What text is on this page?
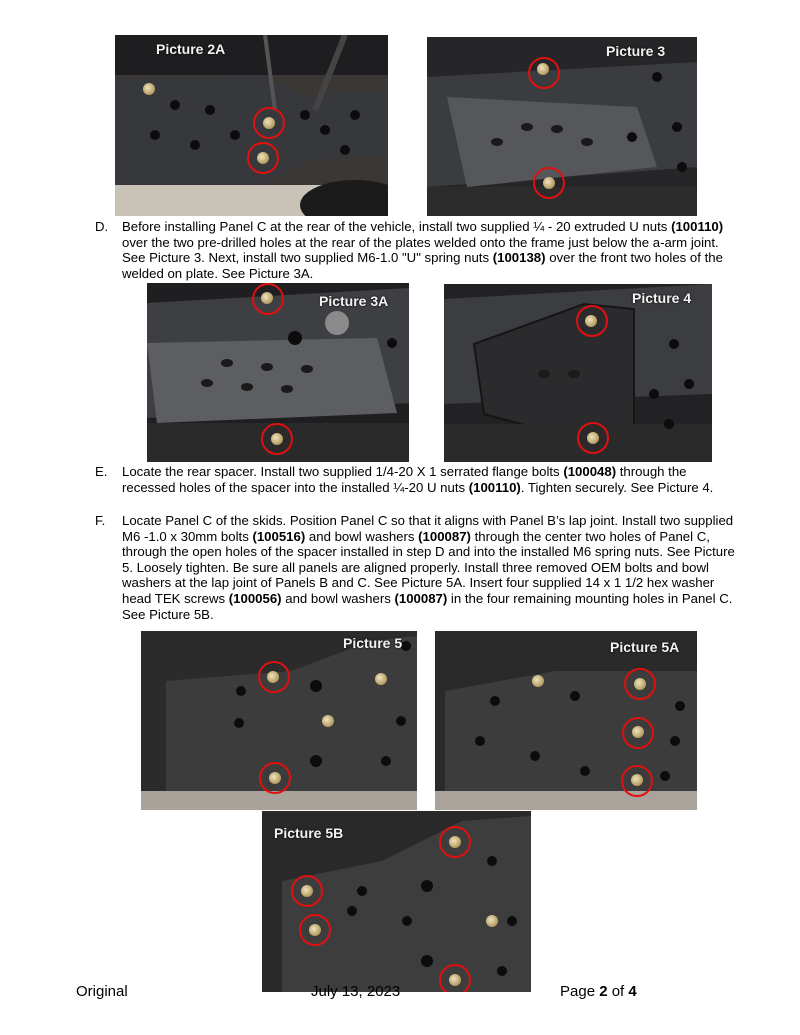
Picture 2A	Picture 3
D. Before installing Panel C at the rear of the vehicle, install two supplied ¼ - 20 extruded U nuts (100110) over the two pre-drilled holes at the rear of the plates welded onto the frame just below the a-arm joint. See Picture 3. Next, install two supplied M6-1.0 "U" spring nuts (100138) over the front two holes of the welded on plate. See Picture 3A.
Picture 3A	Picture 4
E. Locate the rear spacer. Install two supplied 1/4-20 X 1 serrated flange bolts (100048) through the recessed holes of the spacer into the installed ¼-20 U nuts (100110). Tighten securely. See Picture 4.
F. Locate Panel C of the skids. Position Panel C so that it aligns with Panel B’s lap joint. Install two supplied M6 -1.0 x 30mm bolts (100516) and bowl washers (100087) through the center two holes of Panel C, through the open holes of the spacer installed in step D and into the installed M6 spring nuts. See Picture 5. Loosely tighten. Be sure all panels are aligned properly. Install three removed OEM bolts and bowl washers at the lap joint of Panels B and C. See Picture 5A. Insert four supplied 14 x 1 1/2 hex washer head TEK screws (100056) and bowl washers (100087) in the four remaining mounting holes in Panel C. See Picture 5B.
Picture 5	Picture 5A
Picture 5B
Original	July 13, 2023	Page 2 of 4
